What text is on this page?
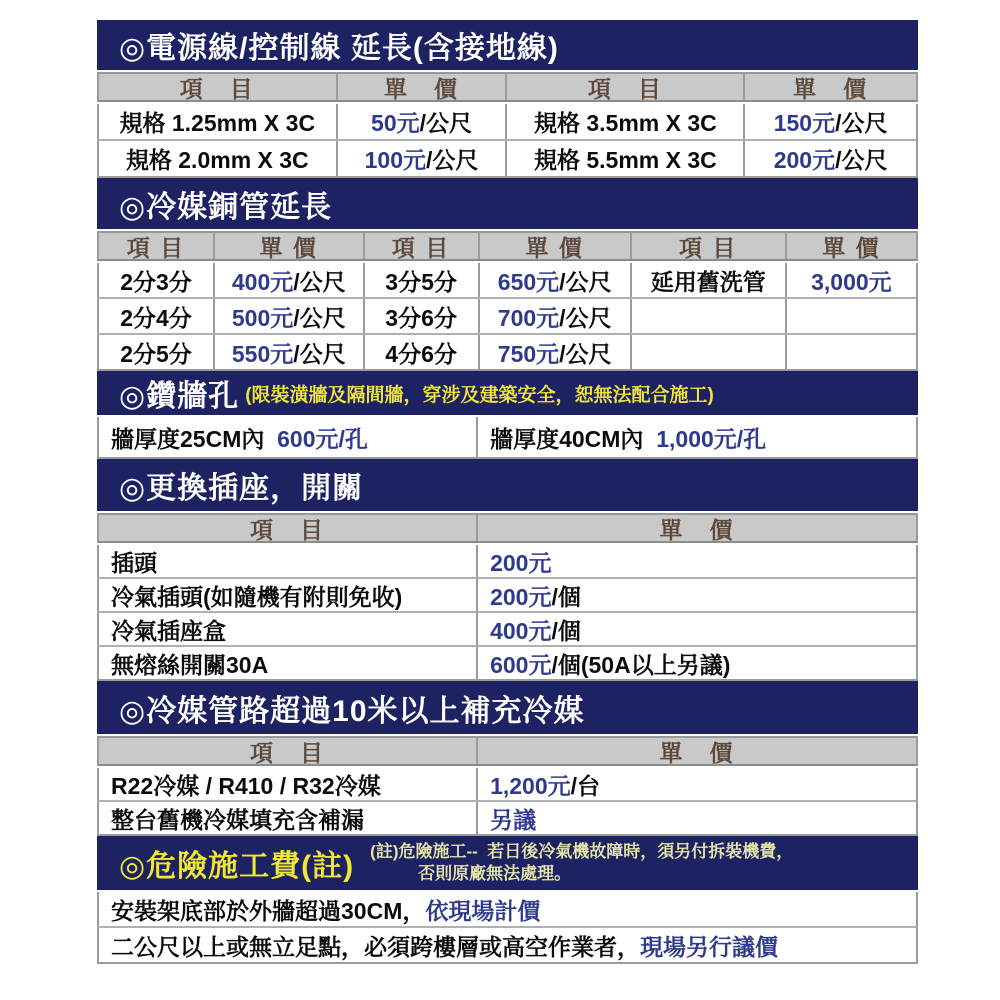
◎電源線/控制線 延長(含接地線)
項　目	單　價	項　目	單　價
規格 1.25mm X 3C 50元 /公尺	規格 3.5mm X 3C 150元 /公尺
規格 2.0mm X 3C 100元 /公尺 規格 5.5mm X 3C 200元 /公尺
◎冷媒銅管延長
項 目	單 價	項 目	單 價	項 目	單 價
2分3分 400元 /公尺 3分5分 650元 /公尺 延用舊洗管 3,000元
2分4分 500元 /公尺 3分6分 700元 /公尺
2分5分 550元 /公尺 4分6分 750元 /公尺
◎鑽牆孔 (限裝潢牆及隔間牆，穿涉及建築安全，恕無法配合施工)
牆厚度25CM內 600元/孔	牆厚度40CM內 1,000元/孔
◎更換插座，開關
項　目	單　價
插頭	200元
冷氣插頭(如隨機有附則免收)	200元 /個
冷氣插座盒	400元 /個
無熔絲開關30A	600元 /個(50A以上另議)
◎冷媒管路超過10米以上補充冷媒
項　目	單　價
R22冷媒 / R410 / R32冷媒	1,200元 /台
整台舊機冷媒填充含補漏	另議
◎危險施工費(註) (註)危險施工--  若日後冷氣機故障時，須另付拆裝機費，
否則原廠無法處理。
安裝架底部於外牆超過30CM， 依現場計價
二公尺以上或無立足點，必須跨樓層或高空作業者， 現場另行議價
